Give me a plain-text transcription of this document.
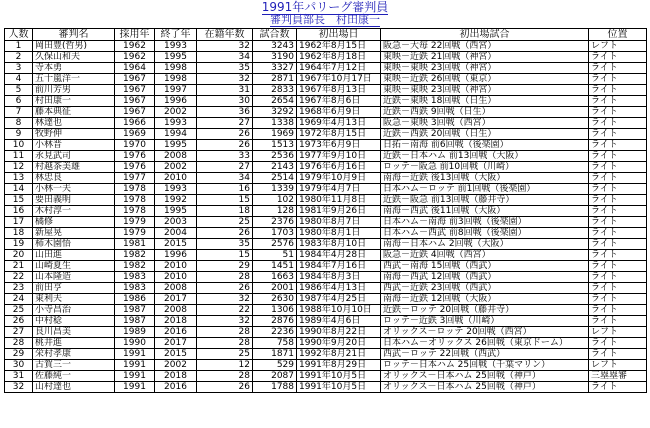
1991年パリーグ審判員
審判員部長　村田康一
人数	審判名	採用年	終了年	在籍年数	試合数	初出場日	初出場試合	位置
1	岡田豊(哲男)	1962	1993	32	3243	1962年8月15日	阪急－大毎 22回戦（西宮）	レフト
2	久保山和夫	1962	1995	34	3190	1962年8月18日	東映－近鉄 21回戦（神宮）	ライト
3	寺本勇	1964	1998	35	3327	1964年7月12日	東映－東映 23回戦（神宮）	ライト
4	五十嵐洋一	1967	1998	32	2871	1967年10月17日	東映－近鉄 26回戦（東京）	ライト
5	前川芳男	1967	1997	31	2833	1967年8月13日	東映－東映 23回戦（神宮）	ライト
6	村田康一	1967	1996	30	2654	1967年8月6日	近鉄－東映 18回戦（日生）	ライト
7	藤本典征	1967	2002	36	3292	1968年6月9日	近鉄－西鉄 9回戦（日生）	ライト
8	林達也	1966	1993	27	1338	1969年4月13日	阪急－東映 3回戦（西宮）	ライト
9	牧野伸	1969	1994	26	1969	1972年8月15日	近鉄－西鉄 20回戦（日生）	ライト
10	小林晋	1970	1995	26	1513	1973年6月9日	日拓－南海 前6回戦（後楽園）	ライト
11	永見武司	1976	2008	33	2536	1977年9月10日	近鉄－日本ハム 前13回戦（大阪）	ライト
12	村越茶美雄	1976	2002	27	2143	1976年6月16日	ロッテ－阪急 前10回戦（川崎）	ライト
13	林忠良	1977	2010	34	2514	1979年10月9日	南海－近鉄 後13回戦（大阪）	ライト
14	小林一夫	1978	1993	16	1339	1979年4月7日	日本ハム－ロッテ 前1回戦（後楽園）	ライト
15	要田義明	1978	1992	15	102	1980年11月8日	近鉄－阪急 前13回戦（藤井寺）	ライト
16	木村淳一	1978	1995	18	128	1981年9月26日	南海－西武 後11回戦（大阪）	ライト
17	橘修	1979	2003	25	2376	1980年8月7日	日本ハム－南海 前3回戦（後楽園）	ライト
18	新屋晃	1979	2004	26	1703	1980年8月1日	日本ハム－西武 前8回戦（後楽園）	ライト
19	柿木園悟	1981	2015	35	2576	1983年8月10日	南海－日本ハム 2回戦（大阪）	ライト
20	山田進	1982	1996	15	51	1984年4月28日	阪急－近鉄 4回戦（西宮）	ライト
21	山崎夏生	1982	2010	29	1451	1984年7月16日	西武－南海 15回戦（西武）	ライト
22	山本隆造	1983	2010	28	1663	1984年8月3日	南海－西武 12回戦（西武）	ライト
23	前田亨	1983	2008	26	2001	1986年4月13日	西武－近鉄 23回戦（西武）	ライト
24	東利夫	1986	2017	32	2630	1987年4月25日	南海－近鉄 12回戦（大阪）	ライト
25	小寺昌治	1987	2008	22	1306	1988年10月10日	近鉄－ロッテ 20回戦（藤井寺）	ライト
26	中村稔	1987	2018	32	2876	1989年4月6日	ロッテ－近鉄 3回戦（川崎）	ライト
27	良川昌美	1989	2016	28	2236	1990年8月22日	オリックス－ロッテ 20回戦（西宮）	レフト
28	桃井進	1990	2017	28	758	1990年9月20日	日本ハム－オリックス 26回戦（東京ドーム）	ライト
29	栄村孝康	1991	2015	25	1871	1992年8月21日	西武－ロッテ 22回戦（西武）	ライト
30	古賀三一	1991	2002	12	529	1991年8月29日	ロッテ－日本ハム 25回戦（千葉マリン）	レフト
31	佐藤純一	1991	2018	28	2087	1991年10月5日	オリックス－日本ハム 25回戦（神戸）	三塁塁審
32	山村達也	1991	2016	26	1788	1991年10月5日	オリックス－日本ハム 25回戦（神戸）	ライト
